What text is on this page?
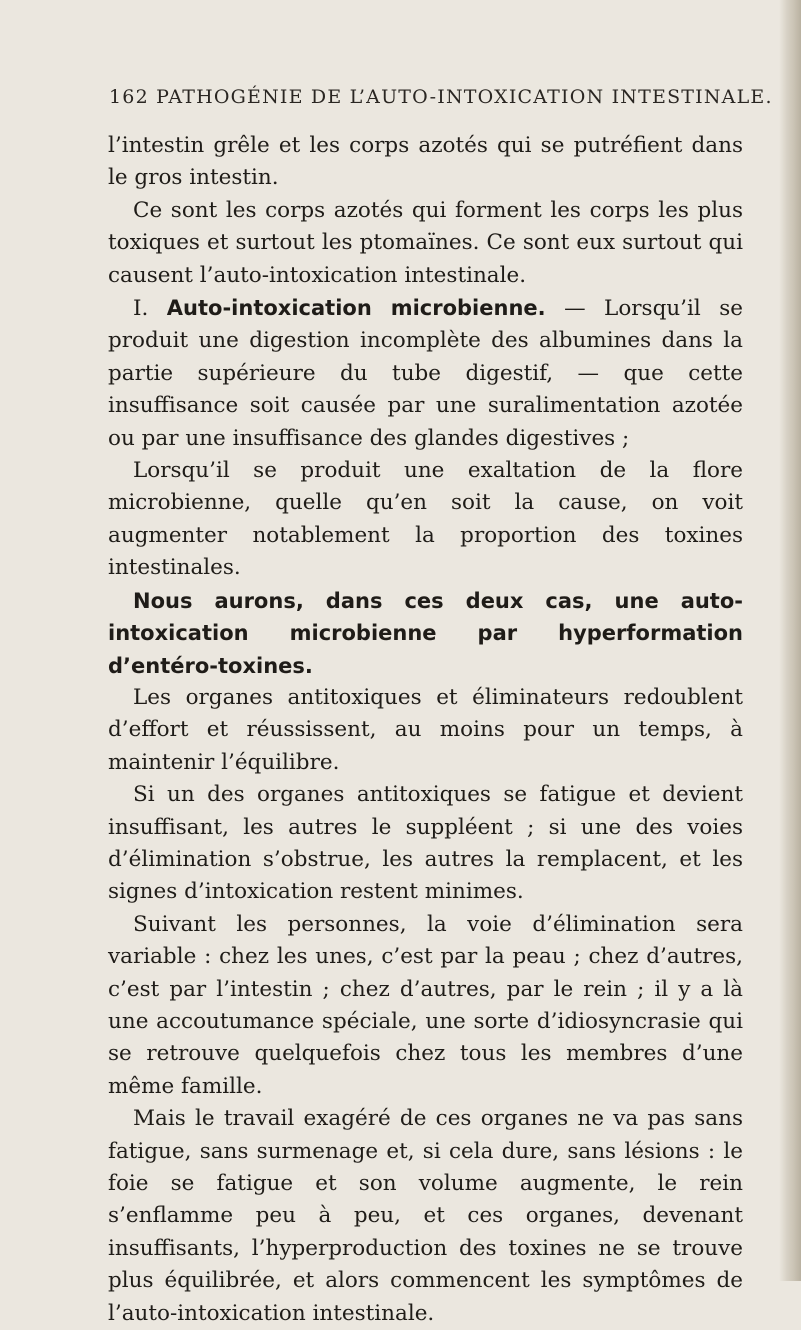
162 PATHOGÉNIE DE L’AUTO-INTOXICATION INTESTINALE.

l’intestin grêle et les corps azotés qui se putréfient dans le gros intestin.

Ce sont les corps azotés qui forment les corps les plus toxiques et surtout les ptomaïnes. Ce sont eux surtout qui causent l’auto-intoxication intestinale.

I. Auto-intoxication microbienne. — Lorsqu’il se produit une digestion incomplète des albumines dans la partie supérieure du tube digestif, — que cette insuffisance soit causée par une suralimentation azotée ou par une insuffisance des glandes digestives ;

Lorsqu’il se produit une exaltation de la flore microbienne, quelle qu’en soit la cause, on voit augmenter notablement la proportion des toxines intestinales.

Nous aurons, dans ces deux cas, une auto-intoxication microbienne par hyperformation d’entéro-toxines.

Les organes antitoxiques et éliminateurs redoublent d’effort et réussissent, au moins pour un temps, à maintenir l’équilibre.

Si un des organes antitoxiques se fatigue et devient insuffisant, les autres le suppléent ; si une des voies d’élimination s’obstrue, les autres la remplacent, et les signes d’intoxication restent minimes.

Suivant les personnes, la voie d’élimination sera variable : chez les unes, c’est par la peau ; chez d’autres, c’est par l’intestin ; chez d’autres, par le rein ; il y a là une accoutumance spéciale, une sorte d’idiosyncrasie qui se retrouve quelquefois chez tous les membres d’une même famille.

Mais le travail exagéré de ces organes ne va pas sans fatigue, sans surmenage et, si cela dure, sans lésions : le foie se fatigue et son volume augmente, le rein s’enflamme peu à peu, et ces organes, devenant insuffisants, l’hyperproduction des toxines ne se trouve plus équilibrée, et alors commencent les symptômes de l’auto-intoxication intestinale.
